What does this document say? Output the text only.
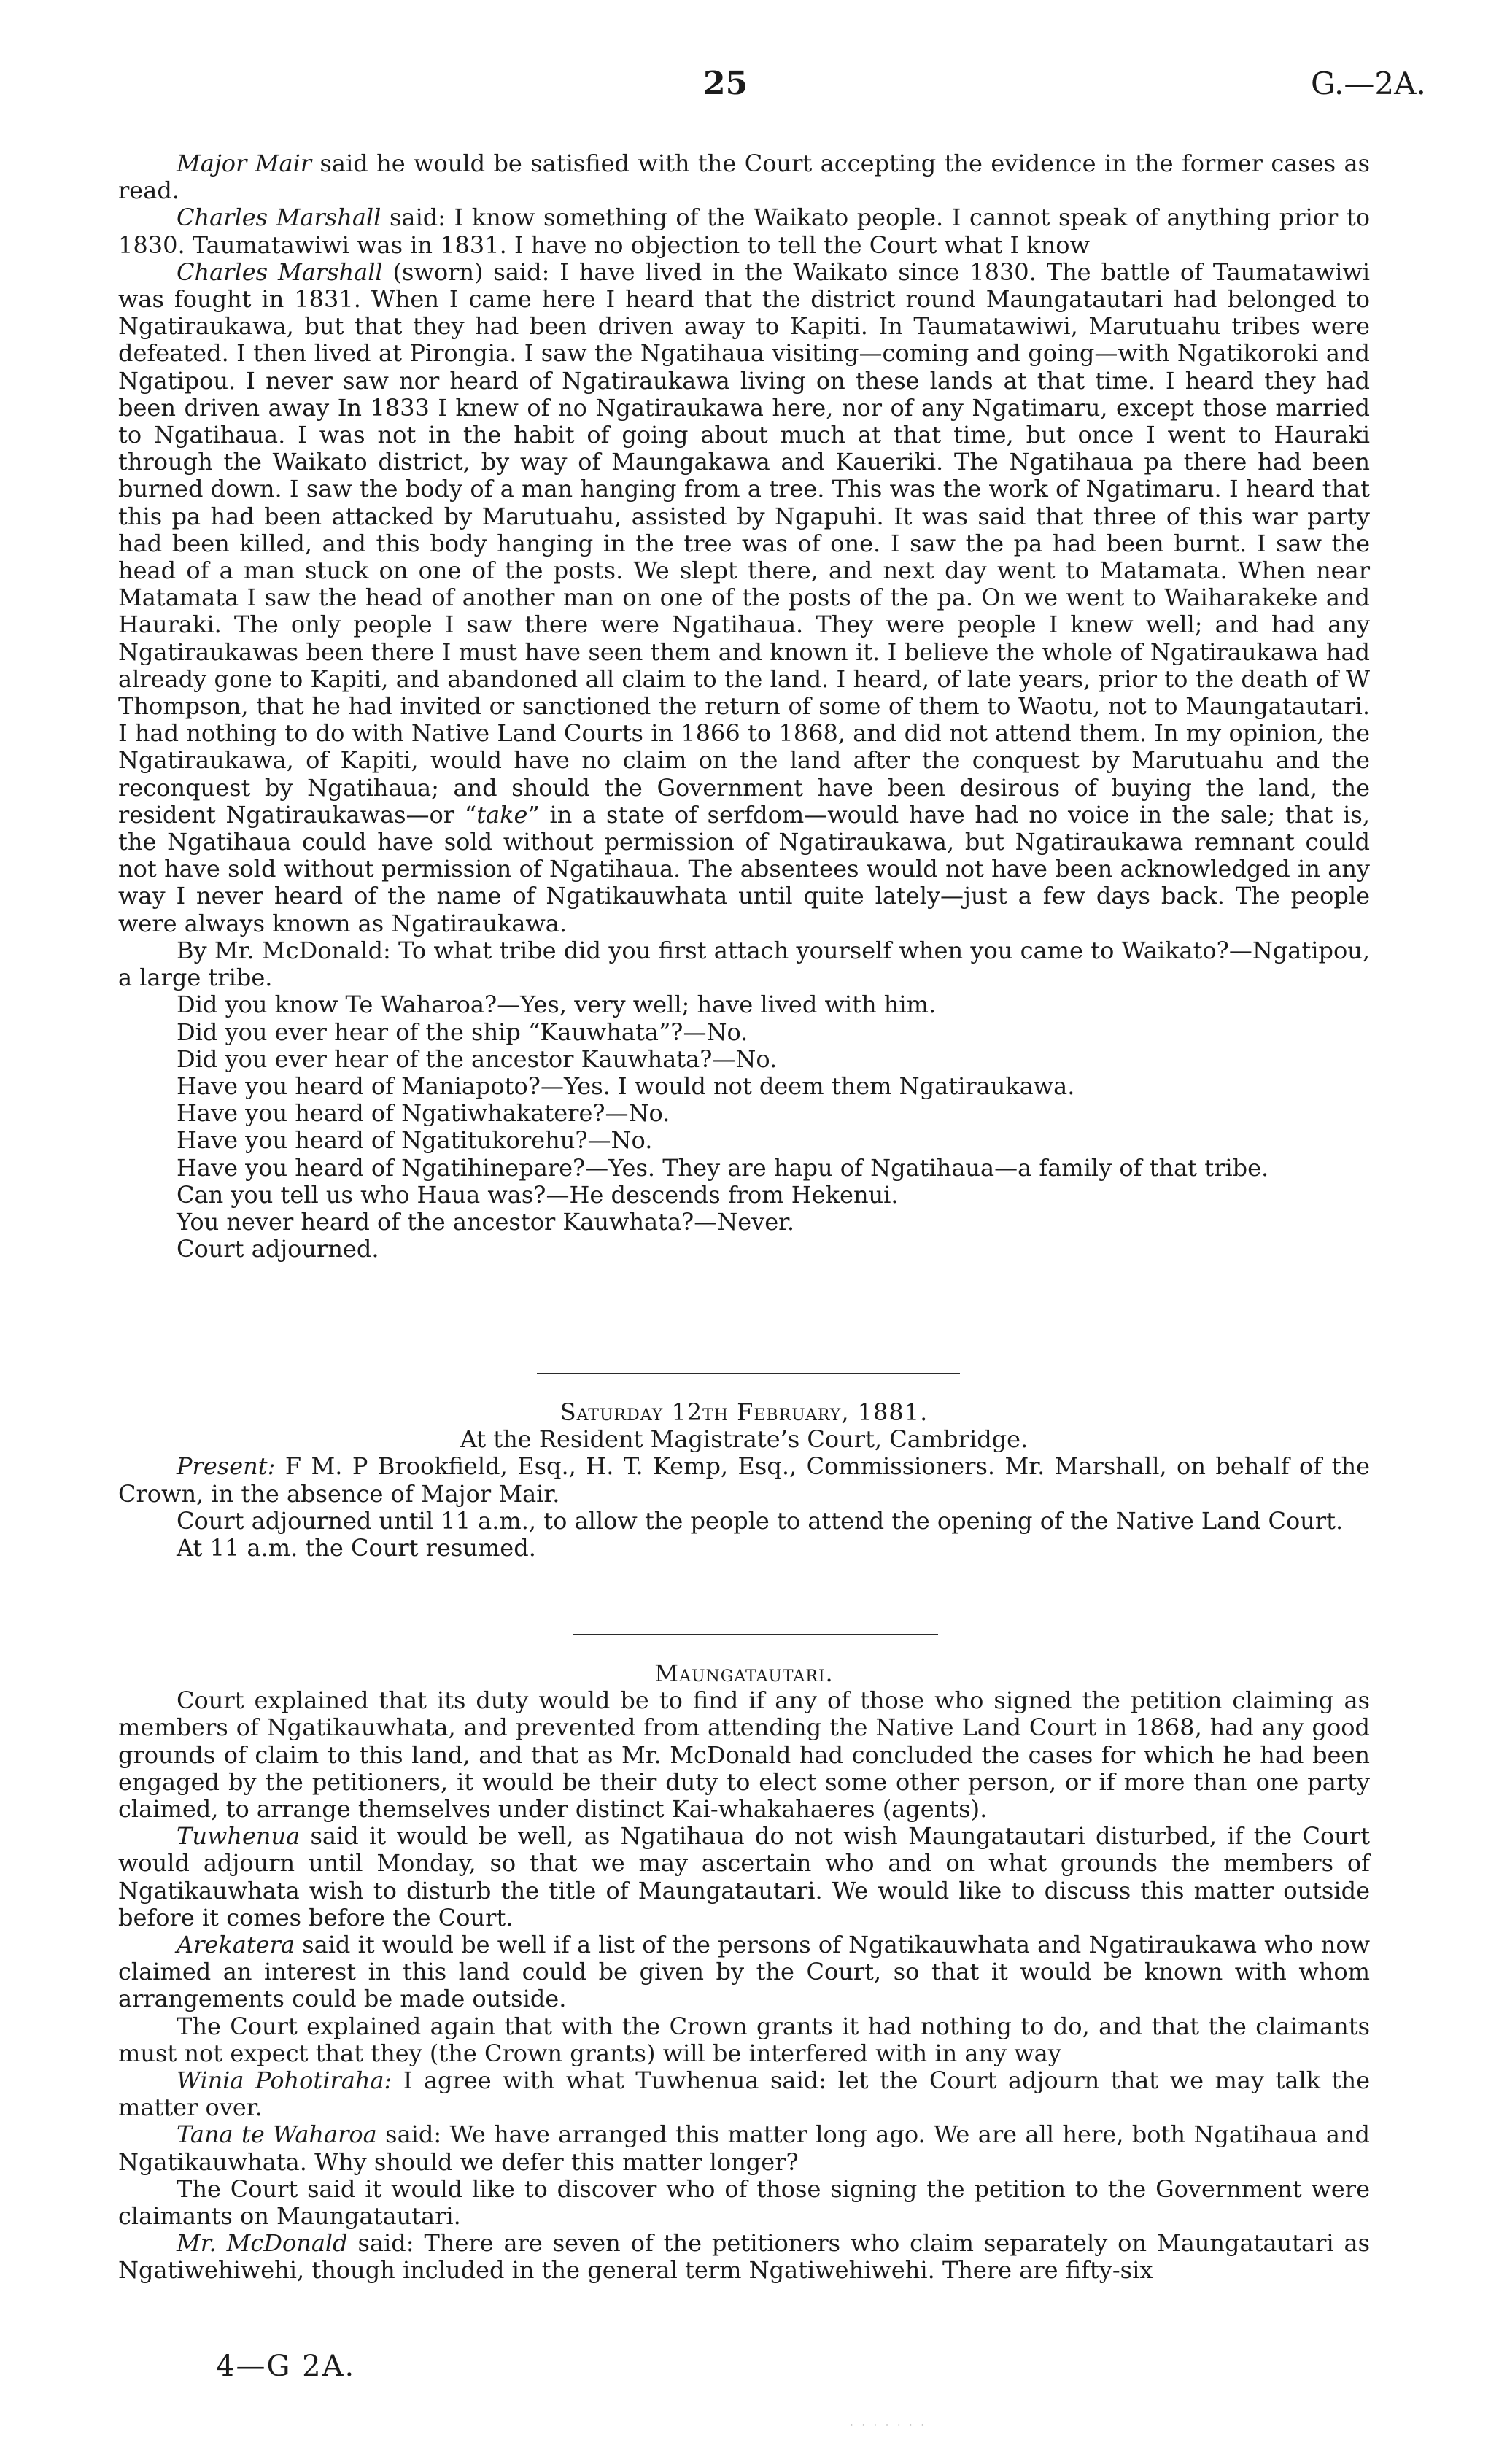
25	G.—2A.

Major Mair said he would be satisfied with the Court accepting the evidence in the former cases as read.

Charles Marshall said: I know something of the Waikato people. I cannot speak of anything prior to 1830. Taumatawiwi was in 1831. I have no objection to tell the Court what I know

Charles Marshall (sworn) said: I have lived in the Waikato since 1830. The battle of Taumatawiwi was fought in 1831. When I came here I heard that the district round Maungatautari had belonged to Ngatiraukawa, but that they had been driven away to Kapiti. In Taumatawiwi, Marutuahu tribes were defeated. I then lived at Pirongia. I saw the Ngatihaua visiting—coming and going—with Ngatikoroki and Ngatipou. I never saw nor heard of Ngatiraukawa living on these lands at that time. I heard they had been driven away In 1833 I knew of no Ngatiraukawa here, nor of any Ngatimaru, except those married to Ngatihaua. I was not in the habit of going about much at that time, but once I went to Hauraki through the Waikato district, by way of Maungakawa and Kaueriki. The Ngatihaua pa there had been burned down. I saw the body of a man hanging from a tree. This was the work of Ngatimaru. I heard that this pa had been attacked by Marutuahu, assisted by Ngapuhi. It was said that three of this war party had been killed, and this body hanging in the tree was of one. I saw the pa had been burnt. I saw the head of a man stuck on one of the posts. We slept there, and next day went to Matamata. When near Matamata I saw the head of another man on one of the posts of the pa. On we went to Waiharakeke and Hauraki. The only people I saw there were Ngatihaua. They were people I knew well; and had any Ngatiraukawas been there I must have seen them and known it. I believe the whole of Ngatiraukawa had already gone to Kapiti, and abandoned all claim to the land. I heard, of late years, prior to the death of W Thompson, that he had invited or sanctioned the return of some of them to Waotu, not to Maungatautari. I had nothing to do with Native Land Courts in 1866 to 1868, and did not attend them. In my opinion, the Ngatiraukawa, of Kapiti, would have no claim on the land after the conquest by Marutuahu and the reconquest by Ngatihaua; and should the Government have been desirous of buying the land, the resident Ngatiraukawas—or “take” in a state of serfdom—would have had no voice in the sale; that is, the Ngatihaua could have sold without permission of Ngatiraukawa, but Ngatiraukawa remnant could not have sold without permission of Ngatihaua. The absentees would not have been acknowledged in any way I never heard of the name of Ngatikauwhata until quite lately—just a few days back. The people were always known as Ngatiraukawa.

By Mr. McDonald: To what tribe did you first attach yourself when you came to Waikato?—Ngatipou, a large tribe.

Did you know Te Waharoa?—Yes, very well; have lived with him.
Did you ever hear of the ship “Kauwhata”?—No.
Did you ever hear of the ancestor Kauwhata?—No.
Have you heard of Maniapoto?—Yes. I would not deem them Ngatiraukawa.
Have you heard of Ngatiwhakatere?—No.
Have you heard of Ngatitukorehu?—No.
Have you heard of Ngatihinepare?—Yes. They are hapu of Ngatihaua—a family of that tribe.
Can you tell us who Haua was?—He descends from Hekenui.
You never heard of the ancestor Kauwhata?—Never.
Court adjourned.

Saturday 12th February, 1881.

At the Resident Magistrate’s Court, Cambridge.

Present: F M. P Brookfield, Esq., H. T. Kemp, Esq., Commissioners. Mr. Marshall, on behalf of the Crown, in the absence of Major Mair.

Court adjourned until 11 a.m., to allow the people to attend the opening of the Native Land Court.

At 11 a.m. the Court resumed.

Maungatautari.

Court explained that its duty would be to find if any of those who signed the petition claiming as members of Ngatikauwhata, and prevented from attending the Native Land Court in 1868, had any good grounds of claim to this land, and that as Mr. McDonald had concluded the cases for which he had been engaged by the petitioners, it would be their duty to elect some other person, or if more than one party claimed, to arrange themselves under distinct Kai-whakahaeres (agents).

Tuwhenua said it would be well, as Ngatihaua do not wish Maungatautari disturbed, if the Court would adjourn until Monday, so that we may ascertain who and on what grounds the members of Ngatikauwhata wish to disturb the title of Maungatautari. We would like to discuss this matter outside before it comes before the Court.

Arekatera said it would be well if a list of the persons of Ngatikauwhata and Ngatiraukawa who now claimed an interest in this land could be given by the Court, so that it would be known with whom arrangements could be made outside.

The Court explained again that with the Crown grants it had nothing to do, and that the claimants must not expect that they (the Crown grants) will be interfered with in any way

Winia Pohotiraha: I agree with what Tuwhenua said: let the Court adjourn that we may talk the matter over.

Tana te Waharoa said: We have arranged this matter long ago. We are all here, both Ngatihaua and Ngatikauwhata. Why should we defer this matter longer?

The Court said it would like to discover who of those signing the petition to the Government were claimants on Maungatautari.

Mr. McDonald said: There are seven of the petitioners who claim separately on Maungatautari as Ngatiwehiwehi, though included in the general term Ngatiwehiwehi. There are fifty-six

4—G 2A.
· · · · · · ·
